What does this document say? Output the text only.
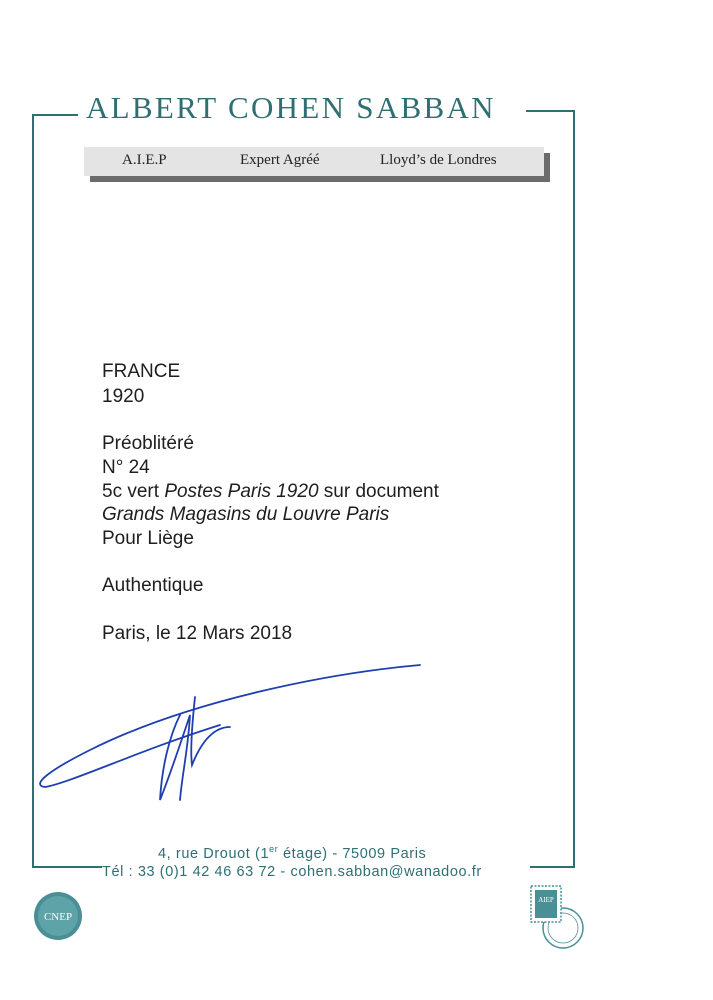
ALBERT COHEN SABBAN
A.I.E.P	Expert Agréé	Lloyd’s de Londres
FRANCE
1920
Préoblitéré
N° 24
5c vert Postes Paris 1920 sur document
Grands Magasins du Louvre Paris
Pour Liège
Authentique
Paris, le 12 Mars 2018
4, rue Drouot (1er étage) - 75009 Paris
Tél : 33 (0)1 42 46 63 72 - cohen.sabban@wanadoo.fr
CNEP
AIEP
